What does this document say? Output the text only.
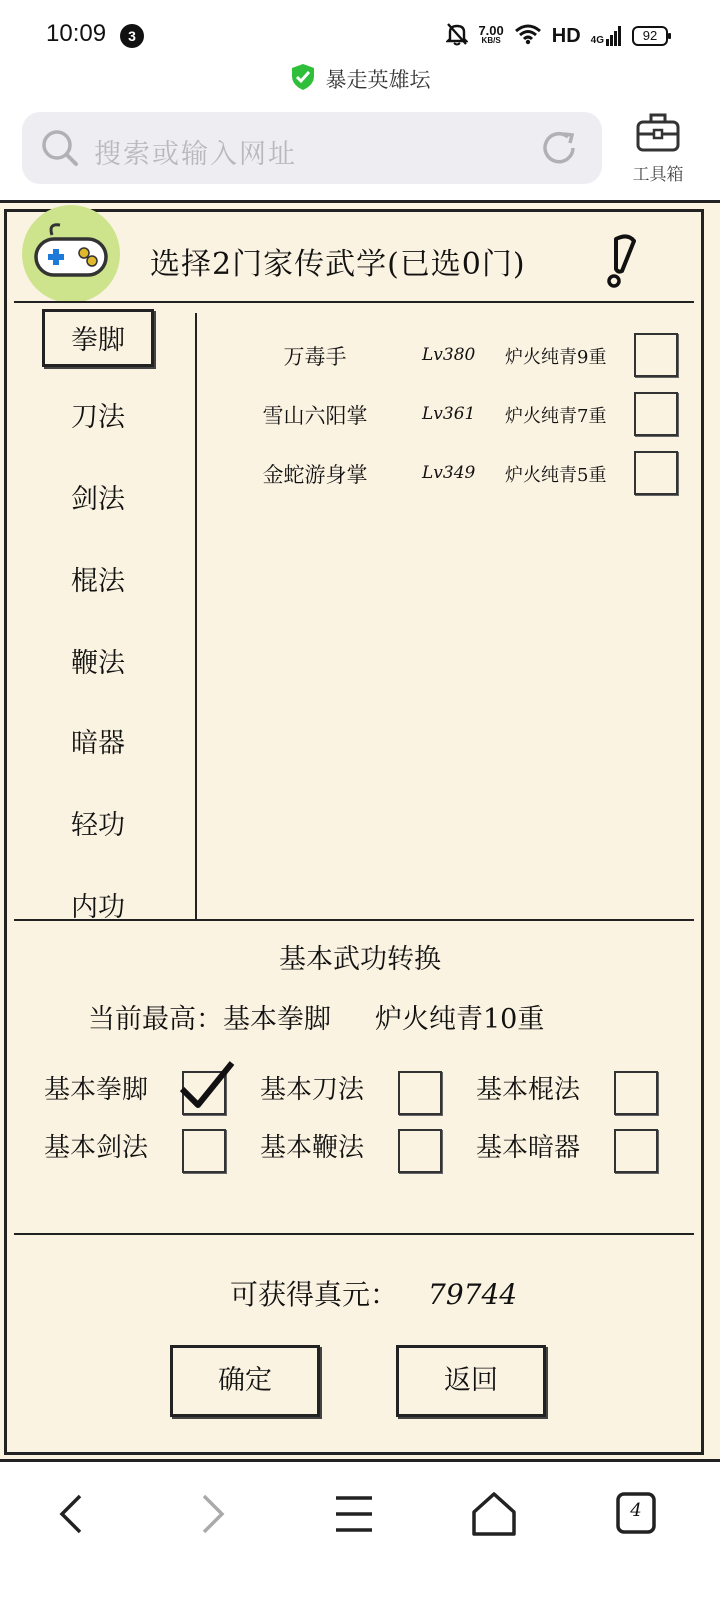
10:09	3	7.00
KB/S	HD 4G	92
暴走英雄坛
搜索或输入网址
工具箱
选择2门家传武学(已选0门)
拳脚
刀法
剑法
棍法
鞭法
暗器
轻功
内功
万毒手	Lv380 炉火纯青9重
雪山六阳掌	Lv361 炉火纯青7重
金蛇游身掌	Lv349 炉火纯青5重
基本武功转换
当前最高：基本拳脚 炉火纯青10重
基本拳脚	基本刀法	基本棍法
基本剑法	基本鞭法	基本暗器
可获得真元： 79744
确定	返回
4
